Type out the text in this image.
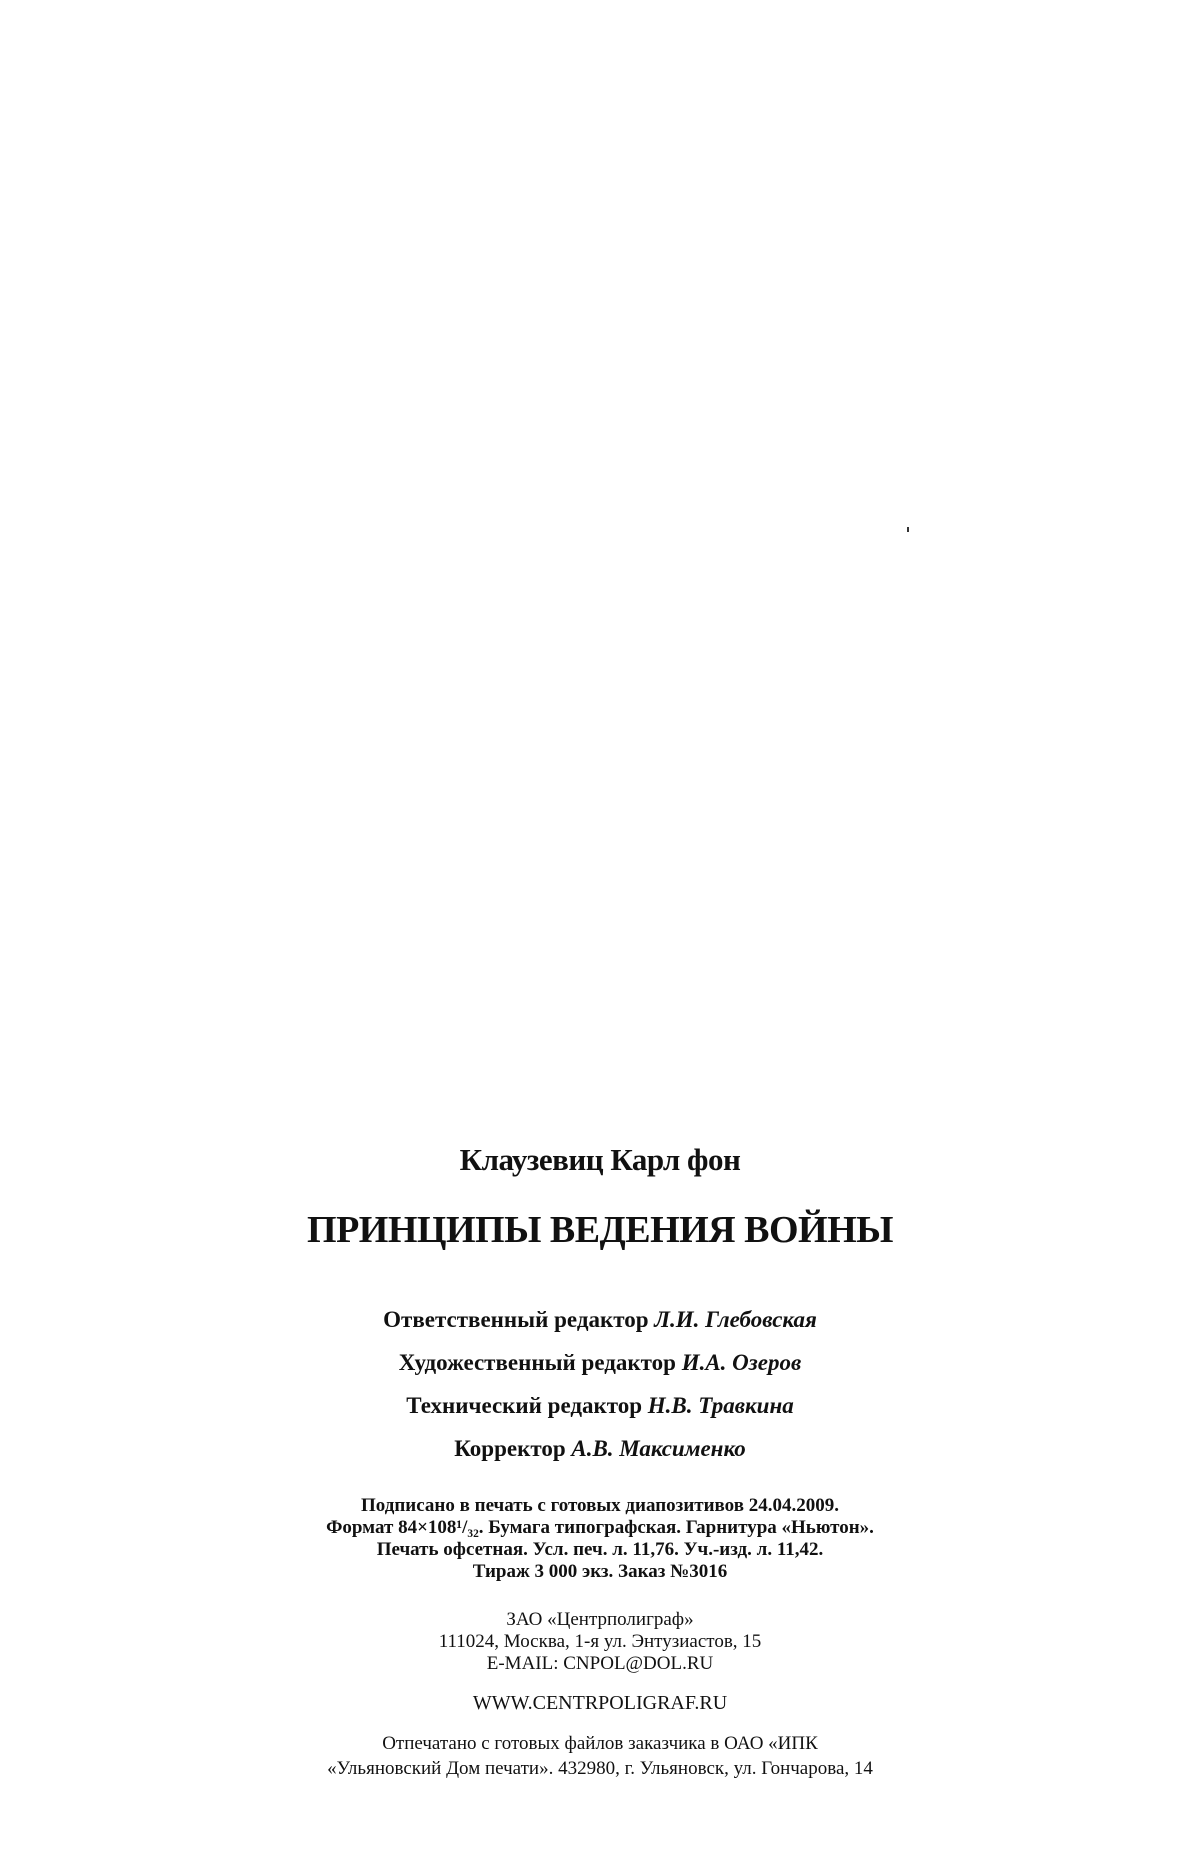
Клаузевиц Карл фон
ПРИНЦИПЫ ВЕДЕНИЯ ВОЙНЫ
Ответственный редактор Л.И. Глебовская
Художественный редактор И.А. Озеров
Технический редактор Н.В. Травкина
Корректор А.В. Максименко

Подписано в печать с готовых диапозитивов 24.04.2009.

Формат 84×108¹/₃₂. Бумага типографская. Гарнитура «Ньютон».

Печать офсетная. Усл. печ. л. 11,76. Уч.-изд. л. 11,42.

Тираж 3 000 экз. Заказ №3016

ЗАО «Центрполиграф»

111024, Москва, 1-я ул. Энтузиастов, 15

E-MAIL: CNPOL@DOL.RU

WWW.CENTRPOLIGRAF.RU

Отпечатано с готовых файлов заказчика в ОАО «ИПК

«Ульяновский Дом печати». 432980, г. Ульяновск, ул. Гончарова, 14
